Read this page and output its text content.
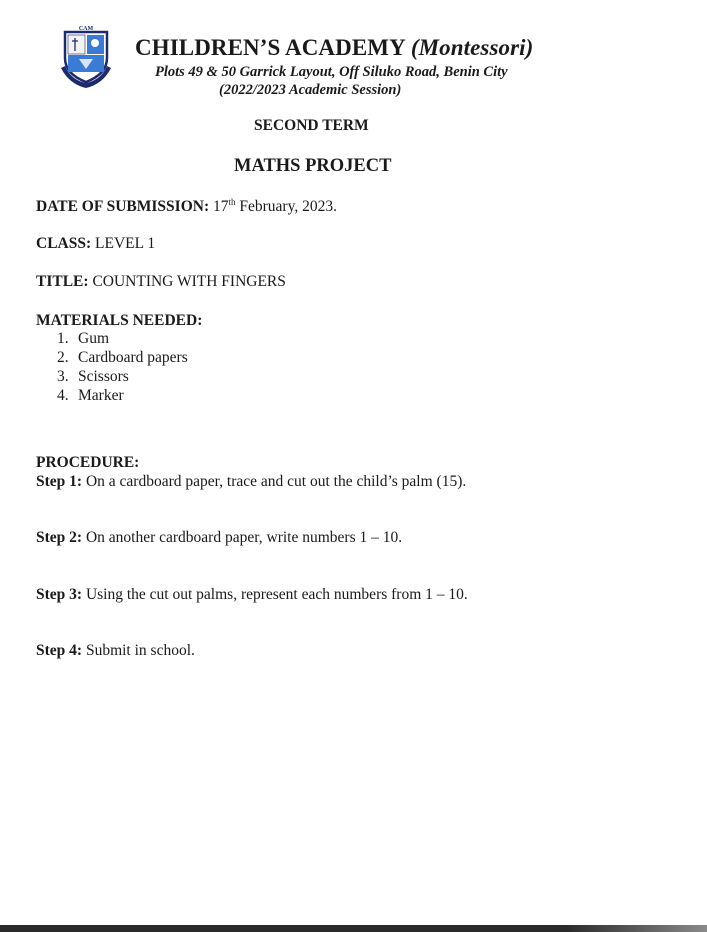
CAM
CHILDREN’S ACADEMY (Montessori)
Plots 49 & 50 Garrick Layout, Off Siluko Road, Benin City
(2022/2023 Academic Session)
SECOND TERM
MATHS PROJECT
DATE OF SUBMISSION: 17th February, 2023.
CLASS: LEVEL 1
TITLE: COUNTING WITH FINGERS
MATERIALS NEEDED:
1. Gum
2. Cardboard papers
3. Scissors
4. Marker
PROCEDURE:
Step 1: On a cardboard paper, trace and cut out the child’s palm (15).
Step 2: On another cardboard paper, write numbers 1 – 10.
Step 3: Using the cut out palms, represent each numbers from 1 – 10.
Step 4: Submit in school.
